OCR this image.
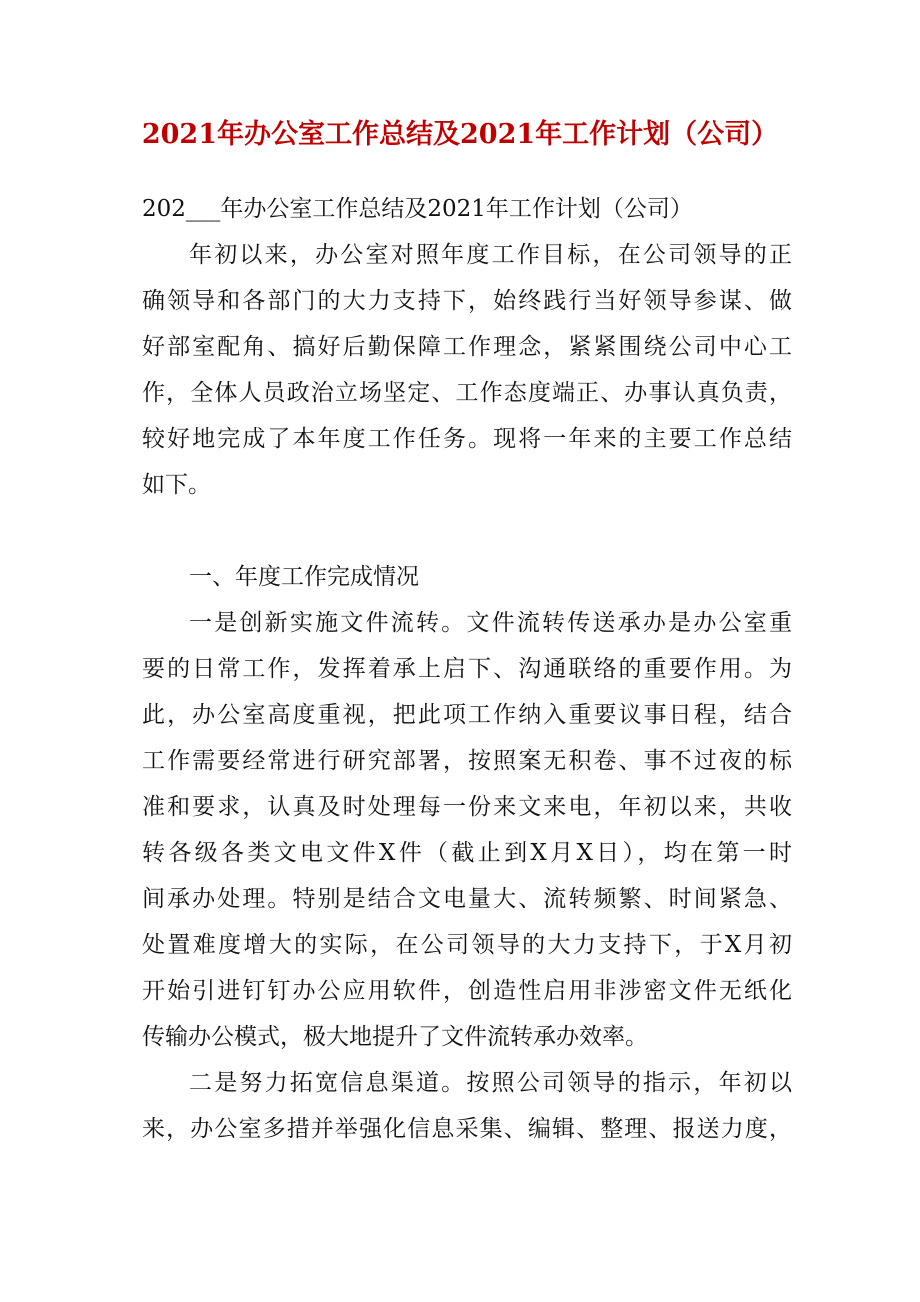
2021年办公室工作总结及2021年工作计划（公司）
202___年办公室工作总结及2021年工作计划（公司）
年初以来，办公室对照年度工作目标，在公司领导的正
确领导和各部门的大力支持下，始终践行当好领导参谋、做
好部室配角、搞好后勤保障工作理念，紧紧围绕公司中心工
作，全体人员政治立场坚定、工作态度端正、办事认真负责，
较好地完成了本年度工作任务。现将一年来的主要工作总结
如下。
一、年度工作完成情况
一是创新实施文件流转。文件流转传送承办是办公室重
要的日常工作，发挥着承上启下、沟通联络的重要作用。为
此，办公室高度重视，把此项工作纳入重要议事日程，结合
工作需要经常进行研究部署，按照案无积卷、事不过夜的标
准和要求，认真及时处理每一份来文来电，年初以来，共收
转各级各类文电文件X件（截止到X月X日），均在第一时
间承办处理。特别是结合文电量大、流转频繁、时间紧急、
处置难度增大的实际，在公司领导的大力支持下，于X月初
开始引进钉钉办公应用软件，创造性启用非涉密文件无纸化
传输办公模式，极大地提升了文件流转承办效率。
二是努力拓宽信息渠道。按照公司领导的指示，年初以
来，办公室多措并举强化信息采集、编辑、整理、报送力度，
